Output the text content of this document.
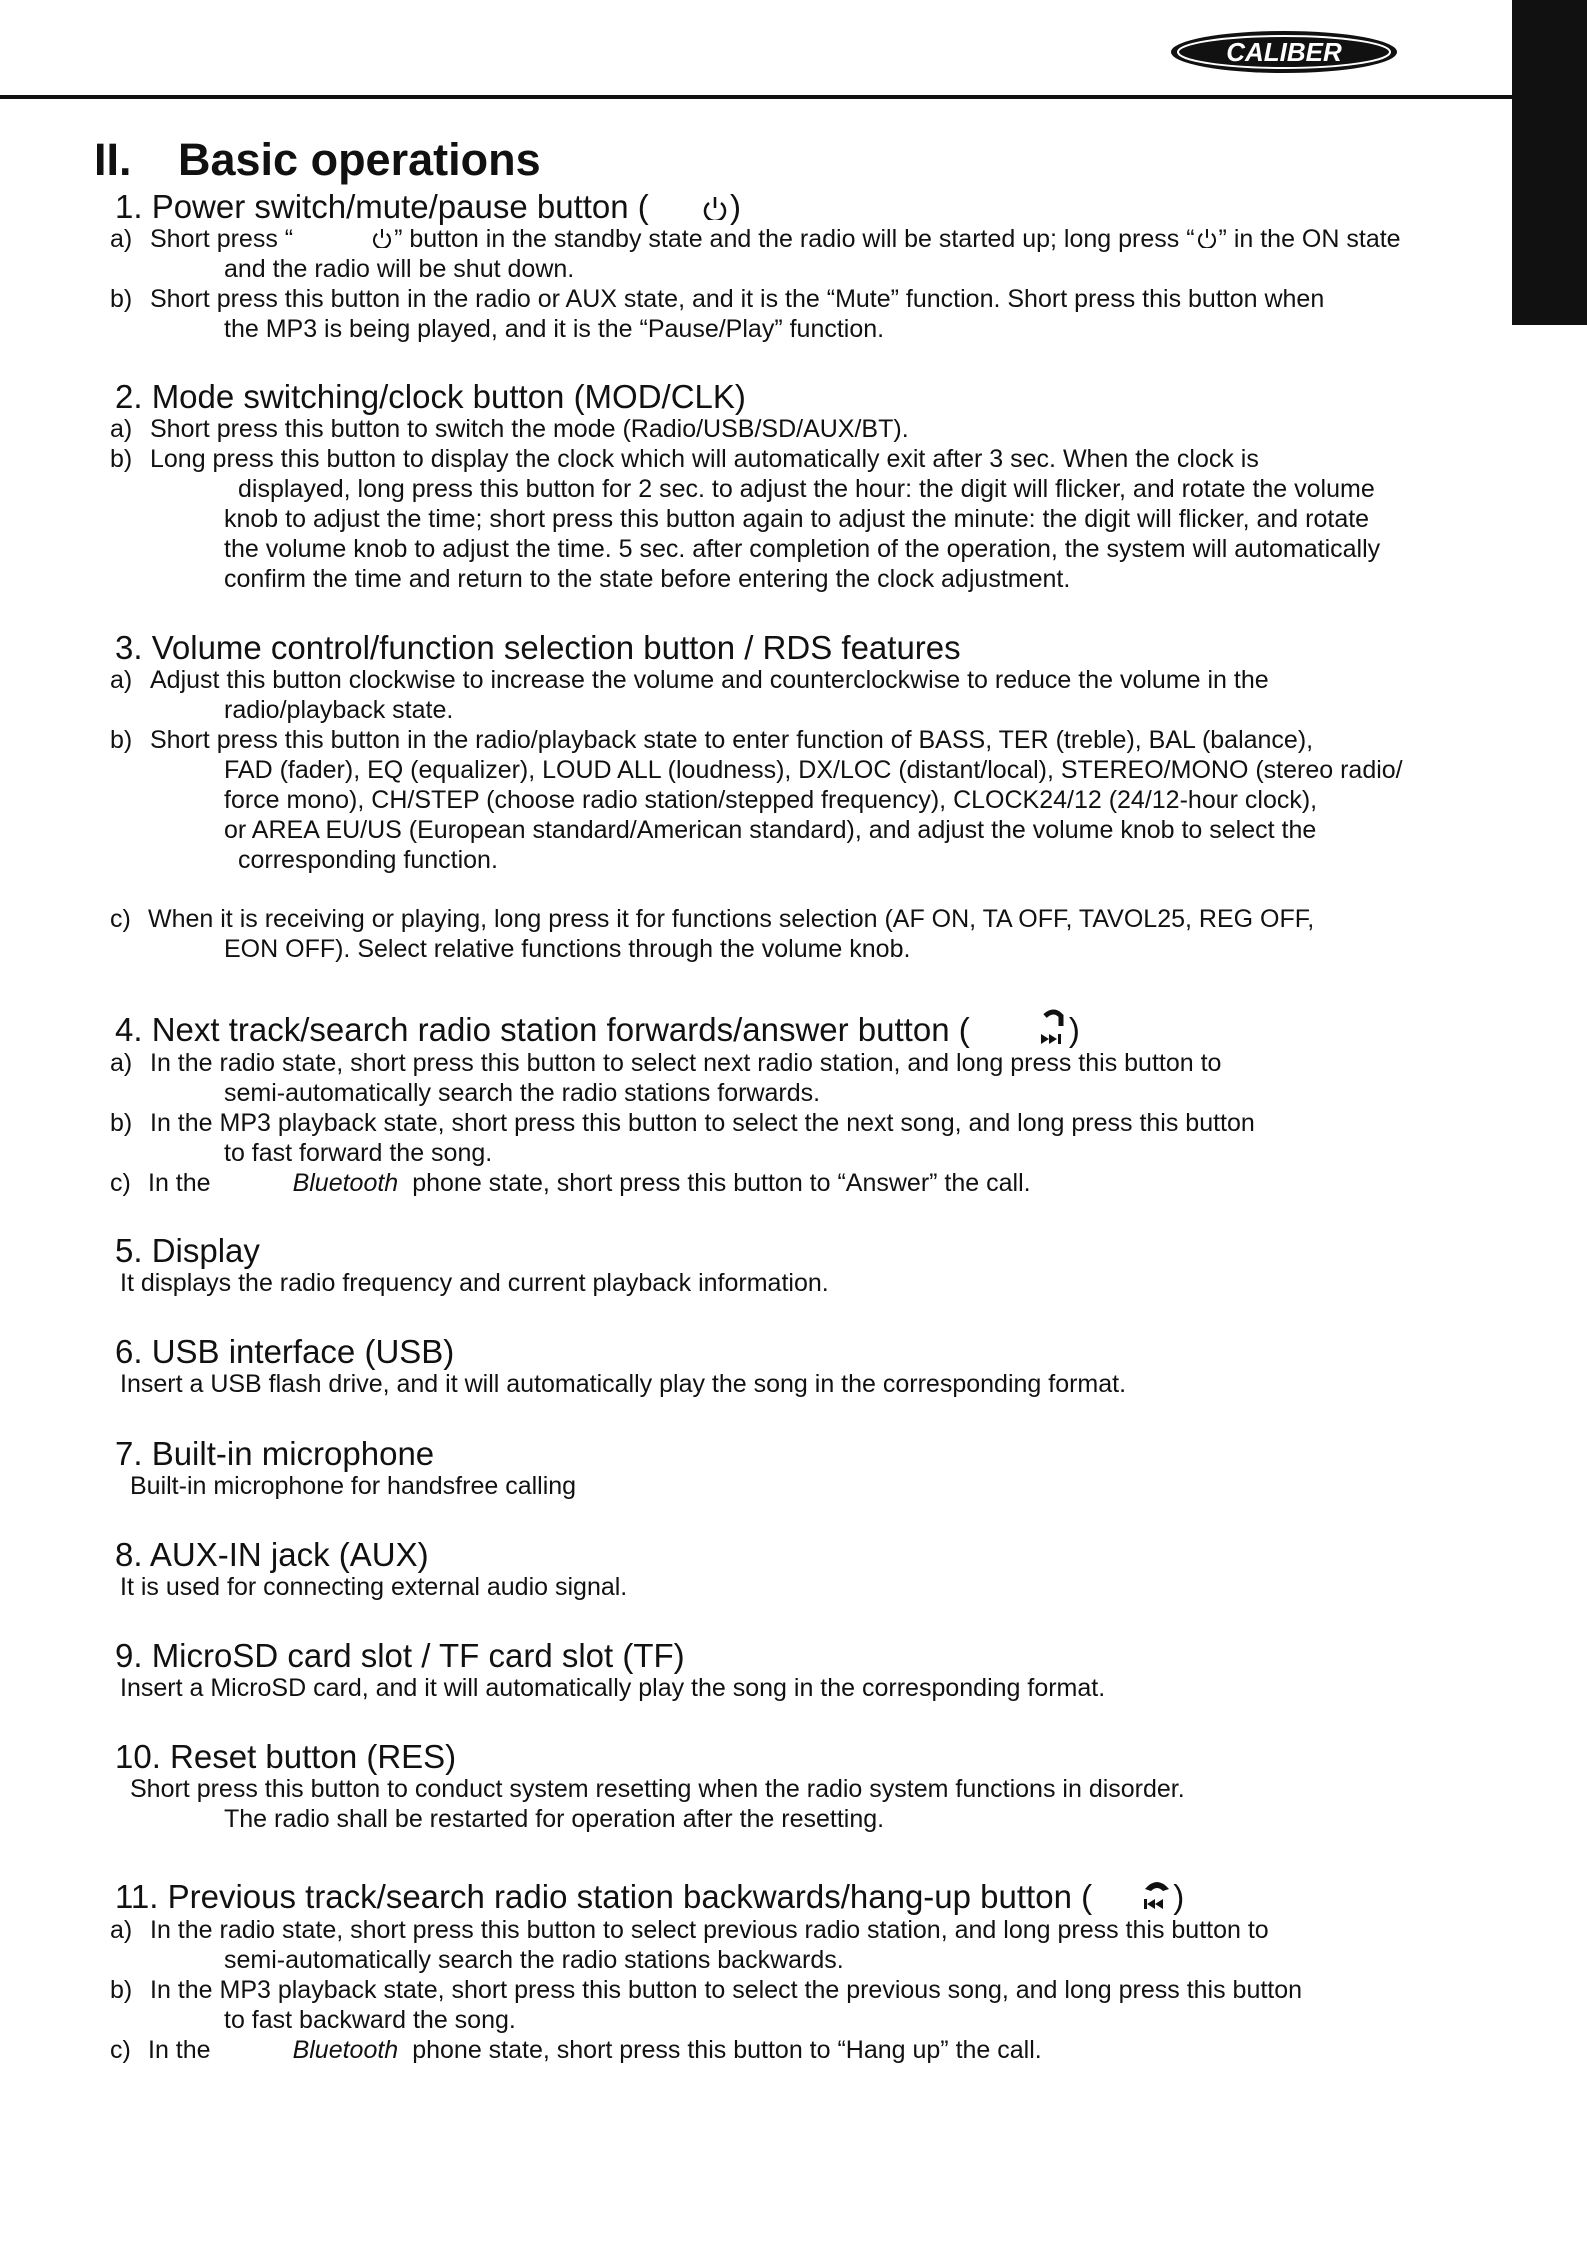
CALIBER
II. Basic operations
1. Power switch/mute/pause button ( )
a) Short press “	” button in the standby state and the radio will be started up; long press “ ” in the ON state
and the radio will be shut down.
b) Short press this button in the radio or AUX state, and it is the “Mute” function. Short press this button when
the MP3 is being played, and it is the “Pause/Play” function.
2. Mode switching/clock button (MOD/CLK)
a) Short press this button to switch the mode (Radio/USB/SD/AUX/BT).
b) Long press this button to display the clock which will automatically exit after 3 sec. When the clock is
displayed, long press this button for 2 sec. to adjust the hour: the digit will flicker, and rotate the volume
knob to adjust the time; short press this button again to adjust the minute: the digit will flicker, and rotate
the volume knob to adjust the time. 5 sec. after completion of the operation, the system will automatically
confirm the time and return to the state before entering the clock adjustment.
3. Volume control/function selection button / RDS features
a) Adjust this button clockwise to increase the volume and counterclockwise to reduce the volume in the
radio/playback state.
b) Short press this button in the radio/playback state to enter function of BASS, TER (treble), BAL (balance),
FAD (fader), EQ (equalizer), LOUD ALL (loudness), DX/LOC (distant/local), STEREO/MONO (stereo radio/
force mono), CH/STEP (choose radio station/stepped frequency), CLOCK24/12 (24/12-hour clock),
or AREA EU/US (European standard/American standard), and adjust the volume knob to select the
corresponding function.
c) When it is receiving or playing, long press it for functions selection (AF ON, TA OFF, TAVOL25, REG OFF,
EON OFF). Select relative functions through the volume knob.
4. Next track/search radio station forwards/answer button (	)
a) In the radio state, short press this button to select next radio station, and long press this button to
semi-automatically search the radio stations forwards.
b) In the MP3 playback state, short press this button to select the next song, and long press this button
to fast forward the song.
c) In the	Bluetooth phone state, short press this button to “Answer” the call.
5. Display
It displays the radio frequency and current playback information.
6. USB interface (USB)
Insert a USB flash drive, and it will automatically play the song in the corresponding format.
7. Built-in microphone
Built-in microphone for handsfree calling
8. AUX-IN jack (AUX)
It is used for connecting external audio signal.
9. MicroSD card slot / TF card slot (TF)
Insert a MicroSD card, and it will automatically play the song in the corresponding format.
10. Reset button (RES)
Short press this button to conduct system resetting when the radio system functions in disorder.
The radio shall be restarted for operation after the resetting.
11. Previous track/search radio station backwards/hang-up button ( )
a) In the radio state, short press this button to select previous radio station, and long press this button to
semi-automatically search the radio stations backwards.
b) In the MP3 playback state, short press this button to select the previous song, and long press this button
to fast backward the song.
c) In the	Bluetooth phone state, short press this button to “Hang up” the call.
